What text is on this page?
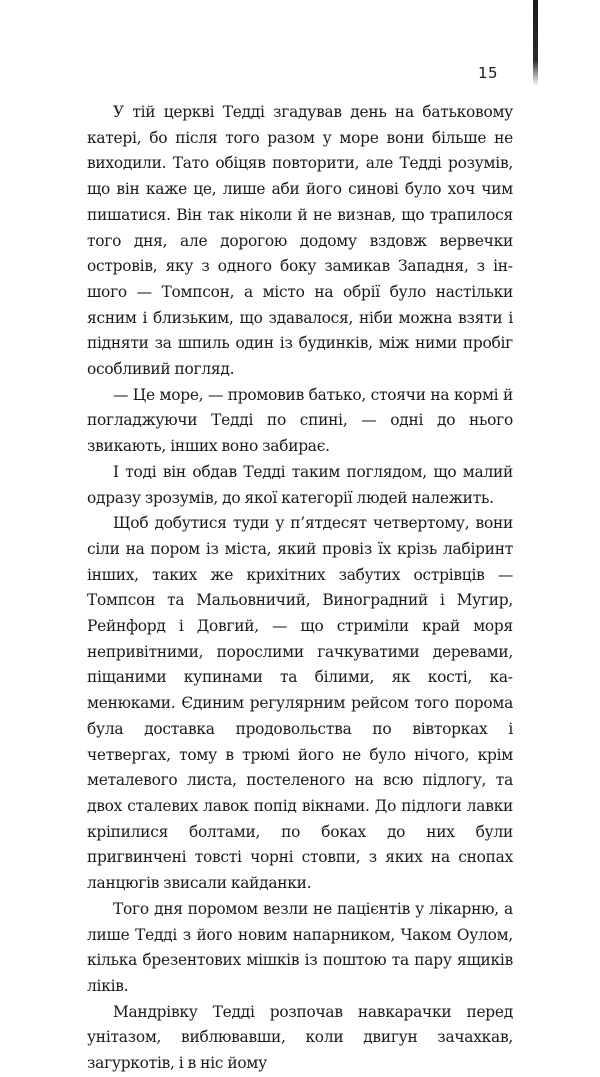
15

У тій церкві Тедді згадував день на батьковому катері, бо після того разом у море вони більше не виходили. Тато обіцяв повторити, але Тедді розумів, що він каже це, лише аби його синові було хоч чим пишатися. Він так ніколи й не визнав, що трапилося того дня, але дорогою додому вздовж вервечки островів, яку з одного боку замикав Западня, з іншого — Томпсон, а місто на обрії було настільки ясним і близьким, що здавалося, ніби можна взяти і підняти за шпиль один із будинків, між ними пробіг особливий погляд.

— Це море, — промовив батько, стоячи на кормі й погладжуючи Тедді по спині, — одні до нього звикають, інших воно забирає.

І тоді він обдав Тедді таким поглядом, що малий одразу зрозумів, до якої категорії людей належить.

Щоб добутися туди у п’ятдесят четвертому, вони сіли на пором із міста, який провіз їх крізь лабіринт інших, таких же крихітних забутих острівців — Томпсон та Мальовничий, Виноградний і Мугир, Рейнфорд і Довгий, — що стриміли край моря непривітними, порослими гачкуватими деревами, піщаними купинами та білими, як кості, каменюками. Єдиним регулярним рейсом того порома була доставка продовольства по вівторках і четвергах, тому в трюмі його не було нічого, крім металевого листа, постеленого на всю підлогу, та двох сталевих лавок попід вікнами. До підлоги лавки кріпилися болтами, по боках до них були пригвинчені товсті чорні стовпи, з яких на снопах ланцюгів звисали кайданки.

Того дня поромом везли не пацієнтів у лікарню, а лише Тедді з його новим напарником, Чаком Оулом, кілька брезентових мішків із поштою та пару ящиків ліків.

Мандрівку Тедді розпочав навкарачки перед унітазом, виблювавши, коли двигун зачахкав, загуркотів, і в ніс йому
